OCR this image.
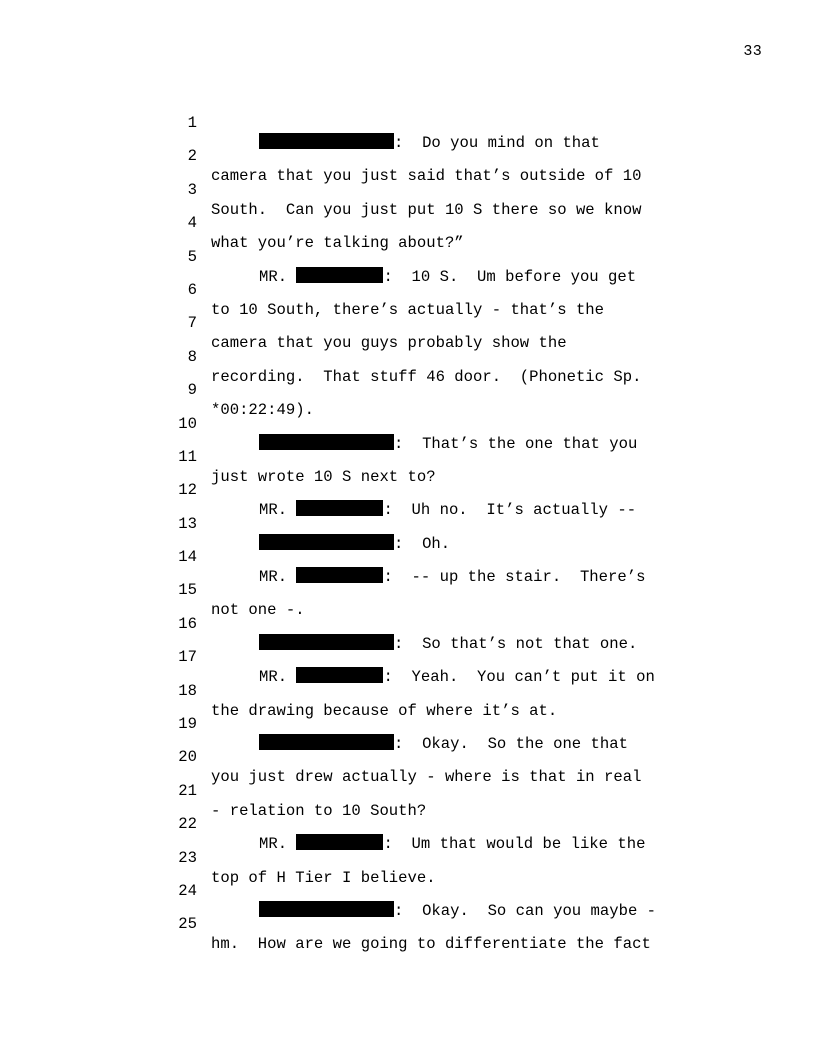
33

1

:  Do you mind on that

2

camera that you just said that’s outside of 10

3

South.  Can you just put 10 S there so we know

4

what you’re talking about?”

5

MR.	:  10 S.  Um before you get

6

to 10 South, there’s actually - that’s the

7

camera that you guys probably show the

8

recording.  That stuff 46 door.  (Phonetic Sp.

9

*00:22:49).

10

:  That’s the one that you

11

just wrote 10 S next to?

12

MR.	:  Uh no.  It’s actually --

13

:  Oh.

14

MR.	:  -- up the stair.  There’s

15

not one -.

16

:  So that’s not that one.

17

MR.	:  Yeah.  You can’t put it on

18

the drawing because of where it’s at.

19

:  Okay.  So the one that

20

you just drew actually - where is that in real

21

- relation to 10 South?

22

MR.	:  Um that would be like the

23

top of H Tier I believe.

24

:  Okay.  So can you maybe -

25

hm.  How are we going to differentiate the fact
